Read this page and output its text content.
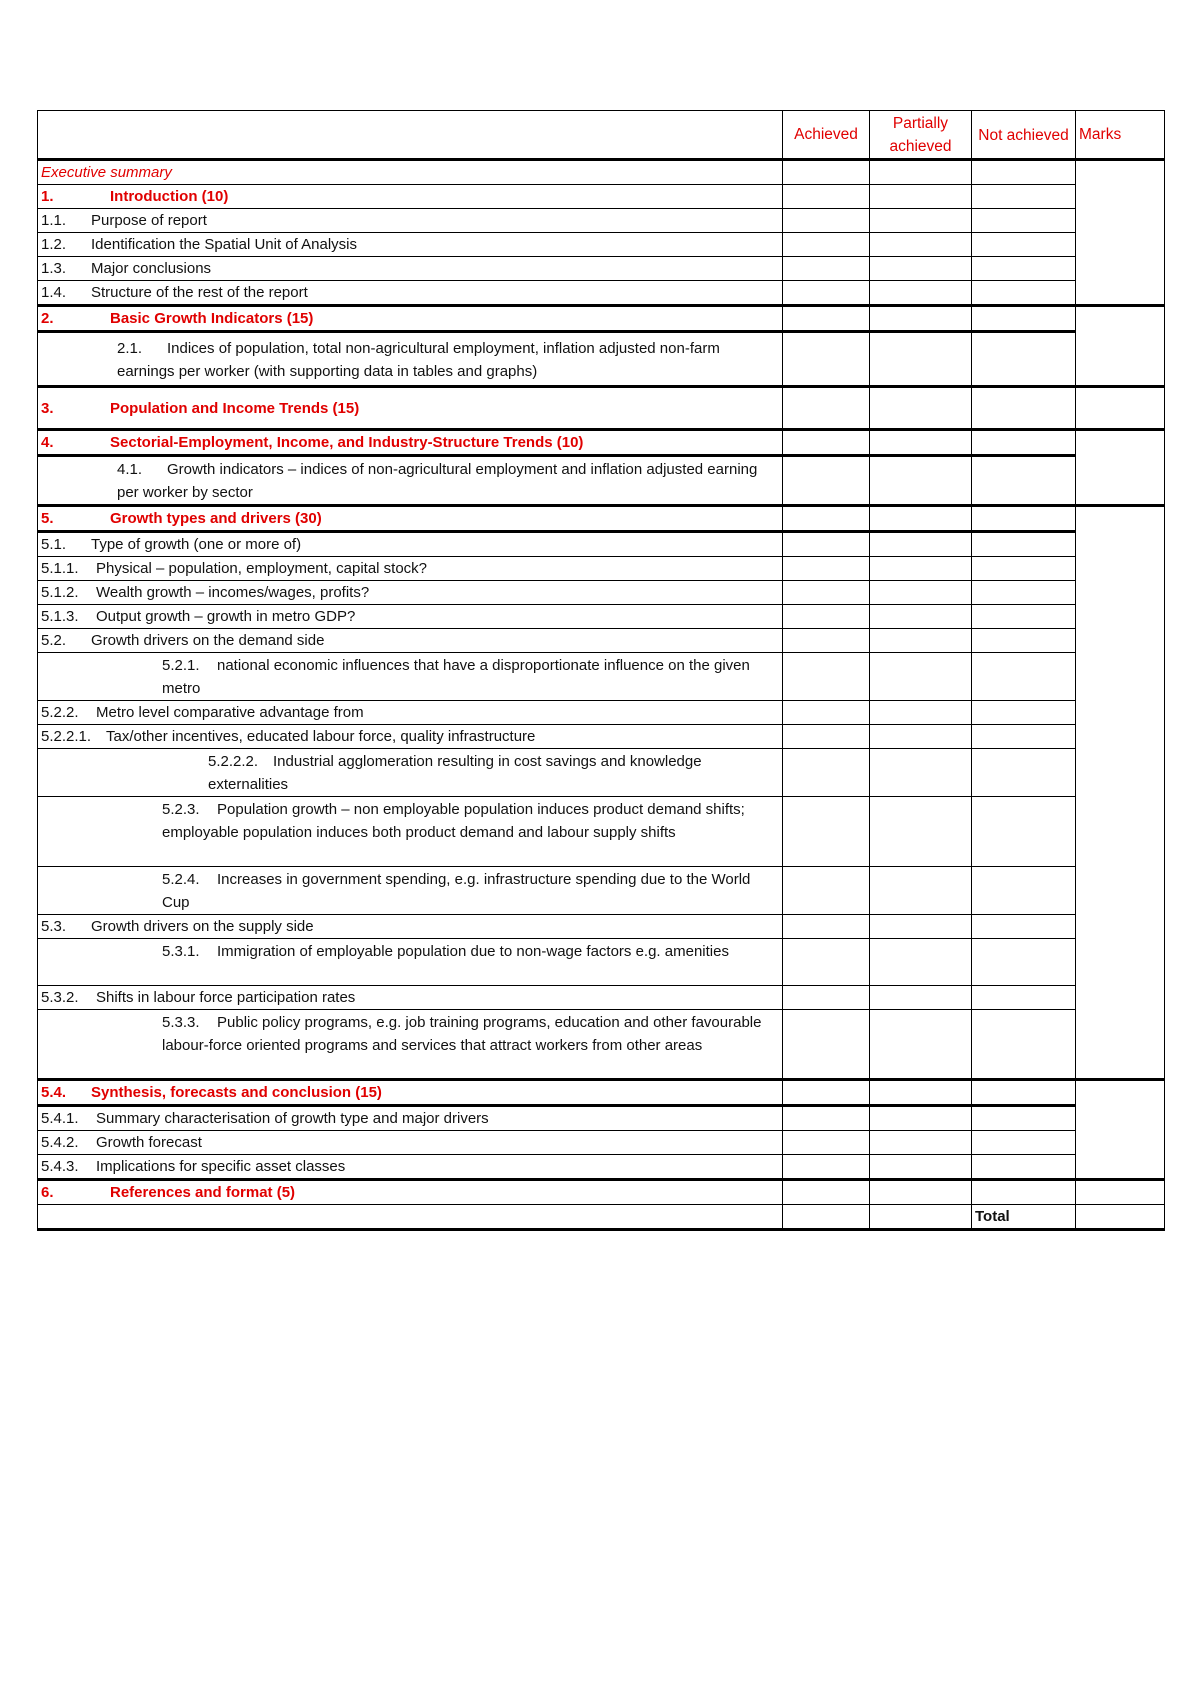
	Achieved	Partially achieved	Not achieved	Marks
Executive summary				
1. Introduction (10)				
1.1. Purpose of report				
1.2. Identification the Spatial Unit of Analysis				
1.3. Major conclusions				
1.4. Structure of the rest of the report				
2. Basic Growth Indicators (15)				
2.1. Indices of population, total non-agricultural employment, inflation adjusted non-farm earnings per worker (with supporting data in tables and graphs)				
3. Population and Income Trends (15)				
4. Sectorial-Employment, Income, and Industry-Structure Trends (10)				
4.1. Growth indicators – indices of non-agricultural employment and inflation adjusted earning per worker by sector				
5. Growth types and drivers (30)				
5.1. Type of growth (one or more of)				
5.1.1. Physical – population, employment, capital stock?				
5.1.2. Wealth growth – incomes/wages, profits?				
5.1.3. Output growth – growth in metro GDP?				
5.2. Growth drivers on the demand side				
5.2.1. national economic influences that have a disproportionate influence on the given metro				
5.2.2. Metro level comparative advantage from				
5.2.2.1. Tax/other incentives, educated labour force, quality infrastructure				
5.2.2.2. Industrial agglomeration resulting in cost savings and knowledge externalities				
5.2.3. Population growth – non employable population induces product demand shifts; employable population induces both product demand and labour supply shifts				
5.2.4. Increases in government spending, e.g. infrastructure spending due to the World Cup				
5.3. Growth drivers on the supply side				
5.3.1. Immigration of employable population due to non-wage factors e.g. amenities				
5.3.2. Shifts in labour force participation rates				
5.3.3. Public policy programs, e.g. job training programs, education and other favourable labour-force oriented programs and services that attract workers from other areas				
5.4. Synthesis, forecasts and conclusion (15)				
5.4.1. Summary characterisation of growth type and major drivers				
5.4.2. Growth forecast				
5.4.3. Implications for specific asset classes				
6. References and format (5)				
			Total	
